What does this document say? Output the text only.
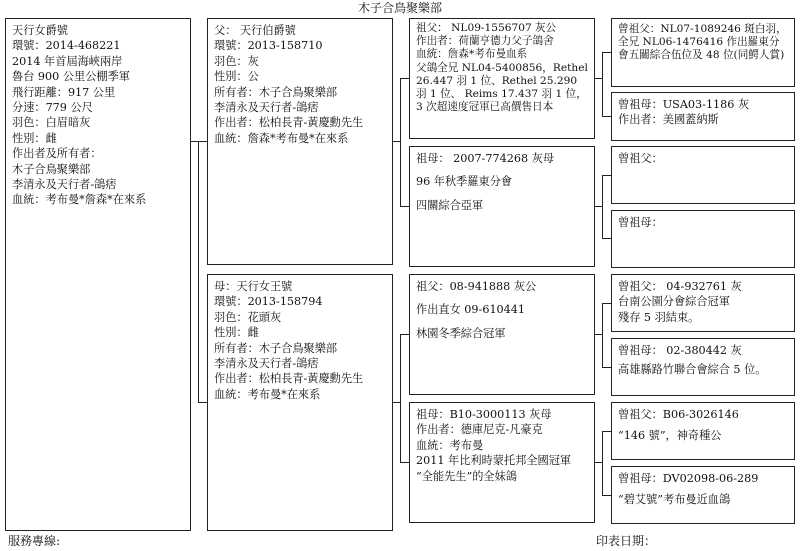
木子合鳥聚樂部
天行女爵號
環號：2014-468221
2014 年首屆海峽兩岸
魯台 900 公里公棚季軍
飛行距離：917 公里
分速：779 公尺
羽色：白眉暗灰
性別：雌
作出者及所有者：
木子合鳥聚樂部
李清永及天行者-鴿痞
血統：考布曼*詹森*在來系
父： 天行伯爵號
環號：2013-158710
羽色：灰
性別：公
所有者：木子合鳥聚樂部
李清永及天行者-鴿痞
作出者：松柏長青-黃慶勳先生
血統：詹森*考布曼*在來系
母：天行女王號
環號：2013-158794
羽色：花頭灰
性別：雌
所有者：木子合鳥聚樂部
李清永及天行者-鴿痞
作出者：松柏長青-黃慶勳先生
血統：考布曼*在來系
祖父： NL09-1556707 灰公
作出者：荷蘭亨德力父子鴿舍
血統：詹森*考布曼血系
父鴿全兄 NL04-5400856，Rethel 26.447 羽 1 位、Rethel 25.290 羽 1 位、 Reims 17.437 羽 1 位，3 次超速度冠軍已高價售日本
祖母： 2007-774268 灰母
96 年秋季羅東分會
四關綜合亞軍
祖父：08-941888 灰公
作出直女 09-610441
林園冬季綜合冠軍
祖母：B10-3000113 灰母
作出者：德庫尼克-凡豪克
血統：考布曼
2011 年比利時蒙托邦全國冠軍
“全能先生”的全妹鴿
曾祖父：NL07-1089246 斑白羽，全兄 NL06-1476416 作出羅東分會五關綜合伍位及 48 位(同鰐人賞)
曾祖母：USA03-1186 灰
作出者：美國蓋納斯
曾祖父：
曾祖母：
曾祖父： 04-932761 灰
台南公園分會綜合冠軍
殘存 5 羽結束。
曾祖母： 02-380442 灰
高雄縣路竹聯合會綜合 5 位。
曾祖父：B06-3026146
“146 號”，神奇種公
曾祖母：DV02098-06-289
“碧艾號”考布曼近血鴿
服務專線:	印表日期：
